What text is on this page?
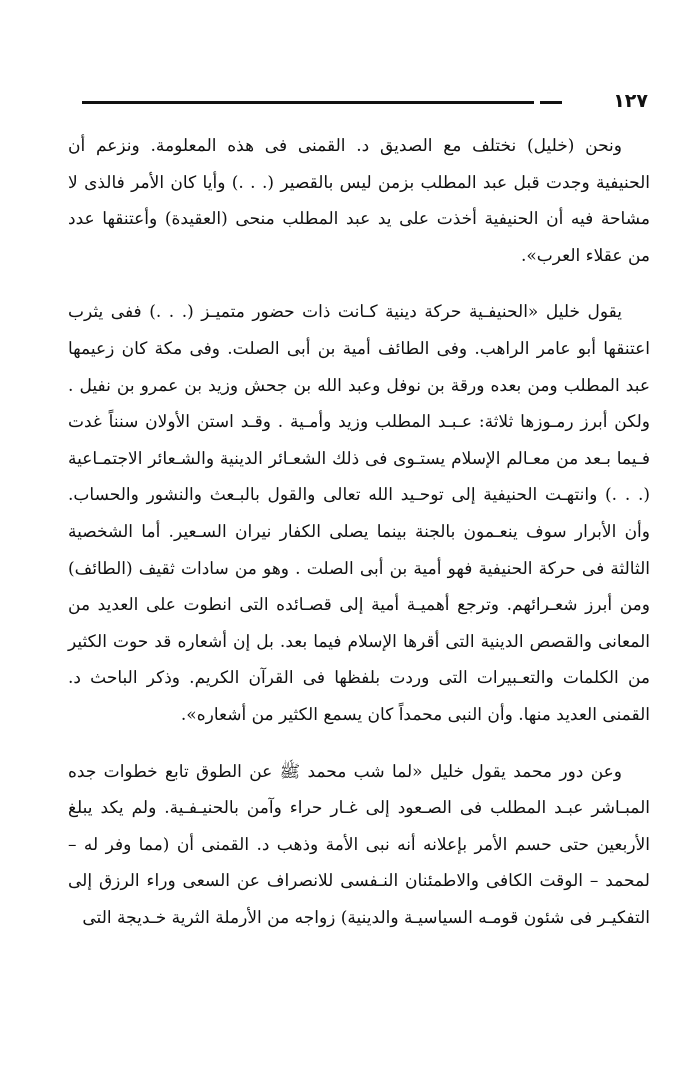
١٢٧

ونحن (خليل) نختلف مع الصديق د. القمنى فى هذه المعلومة. ونزعم أن الحنيفية وجدت قبل عبد المطلب بزمن ليس بالقصير (. . .) وأيا كان الأمر فالذى لا مشاحة فيه أن الحنيفية أخذت على يد عبد المطلب منحى (العقيدة) وأعتنقها عدد من عقلاء العرب».

يقول خليل «الحنيفـية حركة دينية كـانت ذات حضور متميـز (. . .) ففى يثرب اعتنقها أبو عامر الراهب. وفى الطائف أمية بن أبى الصلت. وفى مكة كان زعيمها عبد المطلب ومن بعده ورقة بن نوفل وعبد الله بن جحش وزيد بن عمرو بن نفيل . ولكن أبرز رمـوزها ثلاثة: عـبـد المطلب وزيد وأمـية . وقـد استن الأولان سنناً غدت فـيما بـعد من معـالم الإسلام يستـوى فى ذلك الشعـائر الدينية والشـعائر الاجتمـاعية (. . .) وانتهـت الحنيفية إلى توحـيد الله تعالى والقول بالبـعث والنشور والحساب. وأن الأبرار سوف ينعـمون بالجنة بينما يصلى الكفار نيران السـعير. أما الشخصية الثالثة فى حركة الحنيفية فهو أمية بن أبى الصلت . وهو من سادات ثقيف (الطائف) ومن أبرز شعـرائهم. وترجع أهميـة أمية إلى قصـائده التى انطوت على العديد من المعانى والقصص الدينية التى أقرها الإسلام فيما بعد. بل إن أشعاره قد حوت الكثير من الكلمات والتعـبيرات التى وردت بلفظها فى القرآن الكريم. وذكر الباحث د. القمنى العديد منها. وأن النبى محمداً كان يسمع الكثير من أشعاره».

وعن دور محمد يقول خليل «لما شب محمد ﷺ عن الطوق تابع خطوات جده المبـاشر عبـد المطلب فى الصـعود إلى غـار حراء وآمن بالحنيـفـية. ولم يكد يبلغ الأربعين حتى حسم الأمر بإعلانه أنه نبى الأمة وذهب د. القمنى أن (مما وفر له – لمحمد – الوقت الكافى والاطمئنان النـفسى للانصراف عن السعى وراء الرزق إلى التفكيـر فى شئون قومـه السياسيـة والدينية) زواجه من الأرملة الثرية خـديجة التى
